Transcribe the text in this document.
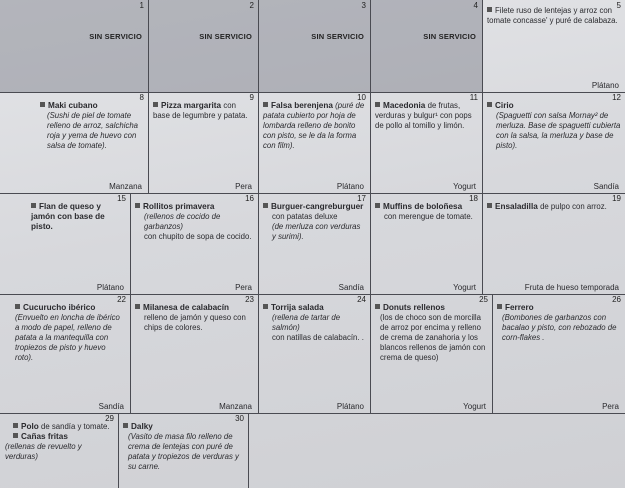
1
SIN SERVICIO
2
SIN SERVICIO
3
SIN SERVICIO
4
SIN SERVICIO
5
Filete ruso de lentejas y arroz con tomate concasse' y puré de calabaza.
Plátano
8
Maki cubano
(Sushi de piel de tomate relleno de arroz, salchicha roja y yema de huevo con salsa de tomate).
Manzana
9
Pizza margarita con base de legumbre y patata.
Pera
10
Falsa berenjena (puré de patata cubierto por hoja de lombarda relleno de bonito con pisto, se le da la forma con film).
Plátano
11
Macedonia de frutas, verduras y bulgur¹ con pops de pollo al tomillo y limón.
Yogurt
12
Cirio
(Spaguetti con salsa Mornay² de merluza. Base de spaguetti cubierta con la salsa, la merluza y base de pisto).
Sandía
15
Flan de queso y jamón con base de pisto.
Plátano
16
Rollitos primavera
(rellenos de cocido de garbanzos)
con chupito de sopa de cocido.
Pera
17
Burguer-cangreburguer
con patatas deluxe
(de merluza con verduras y surimi).
Sandía
18
Muffins de boloñesa
con merengue de tomate.
Yogurt
19
Ensaladilla de pulpo con arroz.
Fruta de hueso temporada
22
Cucurucho ibérico
(Envuelto en loncha de ibérico a modo de papel, relleno de patata a la mantequilla con tropiezos de pisto y huevo roto).
Sandía
23
Milanesa de calabacín
relleno de jamón y queso con chips de colores.
Manzana
24
Torrija salada
(rellena de tartar de salmón)
con natillas de calabacín. .
Plátano
25
Donuts rellenos
(los de choco son de morcilla de arroz por encima y relleno de crema de zanahoria y los blancos rellenos de jamón con crema de queso)
Yogurt
26
Ferrero
(Bombones de garbanzos con bacalao y pisto, con rebozado de corn-flakes .
Pera
29
Polo de sandía y tomate.
Cañas fritas
(rellenas de revuelto y verduras)
30
Dalky
(Vasito de masa filo relleno de crema de lentejas con puré de patata y tropiezos de verduras y su carne.
